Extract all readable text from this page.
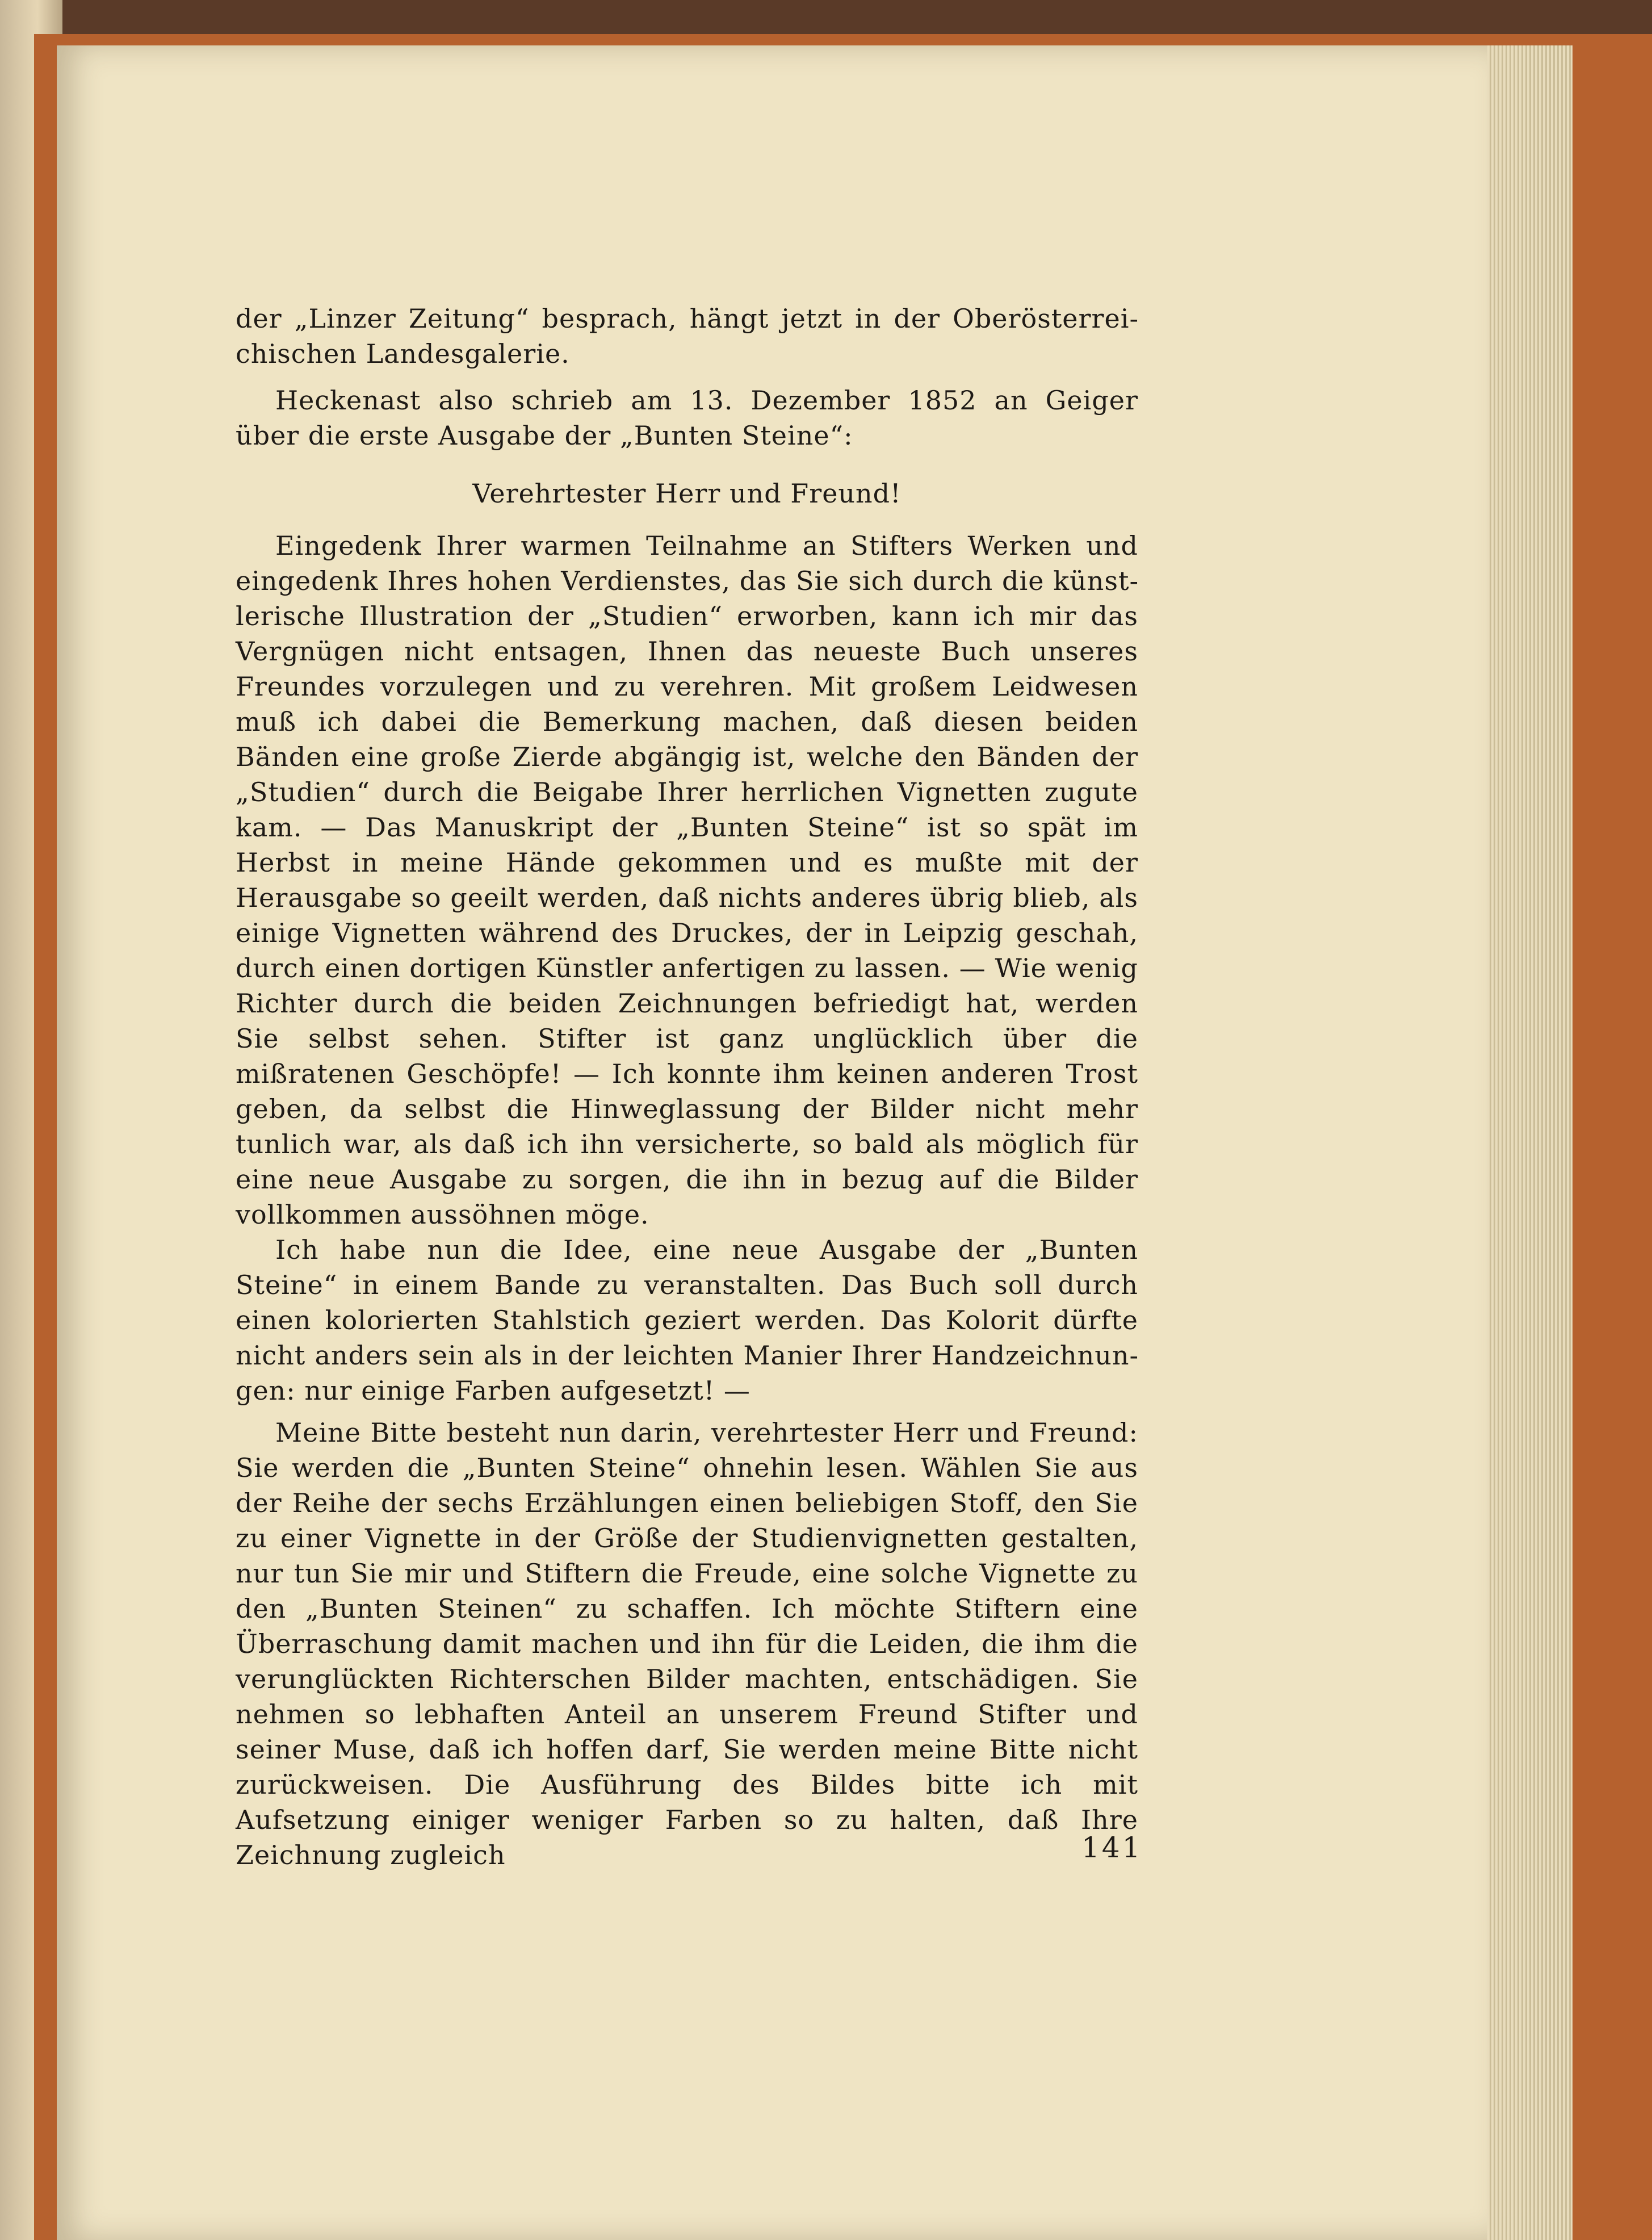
der „Linzer Zeitung“ besprach, hängt jetzt in der Oberösterreichischen Landesgalerie.

Heckenast also schrieb am 13. Dezember 1852 an Geiger über die erste Ausgabe der „Bunten Steine“:

Verehrtester Herr und Freund!

Eingedenk Ihrer warmen Teilnahme an Stifters Werken und eingedenk Ihres hohen Verdienstes, das Sie sich durch die künstlerische Illustration der „Studien“ erworben, kann ich mir das Vergnügen nicht entsagen, Ihnen das neueste Buch unseres Freundes vorzulegen und zu verehren. Mit großem Leidwesen muß ich dabei die Bemerkung machen, daß diesen beiden Bänden eine große Zierde abgängig ist, welche den Bänden der „Studien“ durch die Beigabe Ihrer herrlichen Vignetten zugute kam. — Das Manuskript der „Bunten Steine“ ist so spät im Herbst in meine Hände gekommen und es mußte mit der Herausgabe so geeilt werden, daß nichts anderes übrig blieb, als einige Vignetten während des Druckes, der in Leipzig geschah, durch einen dortigen Künstler anfertigen zu lassen. — Wie wenig Richter durch die beiden Zeichnungen befriedigt hat, werden Sie selbst sehen. Stifter ist ganz unglücklich über die mißratenen Geschöpfe! — Ich konnte ihm keinen anderen Trost geben, da selbst die Hinweglassung der Bilder nicht mehr tunlich war, als daß ich ihn versicherte, so bald als möglich für eine neue Ausgabe zu sorgen, die ihn in bezug auf die Bilder vollkommen aussöhnen möge.

Ich habe nun die Idee, eine neue Ausgabe der „Bunten Steine“ in einem Bande zu veranstalten. Das Buch soll durch einen kolorierten Stahlstich geziert werden. Das Kolorit dürfte nicht anders sein als in der leichten Manier Ihrer Handzeichnungen: nur einige Farben aufgesetzt! —

Meine Bitte besteht nun darin, verehrtester Herr und Freund: Sie werden die „Bunten Steine“ ohnehin lesen. Wählen Sie aus der Reihe der sechs Erzählungen einen beliebigen Stoff, den Sie zu einer Vignette in der Größe der Studienvignetten gestalten, nur tun Sie mir und Stiftern die Freude, eine solche Vignette zu den „Bunten Steinen“ zu schaffen. Ich möchte Stiftern eine Überraschung damit machen und ihn für die Leiden, die ihm die verunglückten Richterschen Bilder machten, entschädigen. Sie nehmen so lebhaften Anteil an unserem Freund Stifter und seiner Muse, daß ich hoffen darf, Sie werden meine Bitte nicht zurückweisen. Die Ausführung des Bildes bitte ich mit Aufsetzung einiger weniger Farben so zu halten, daß Ihre Zeichnung zugleich	141
